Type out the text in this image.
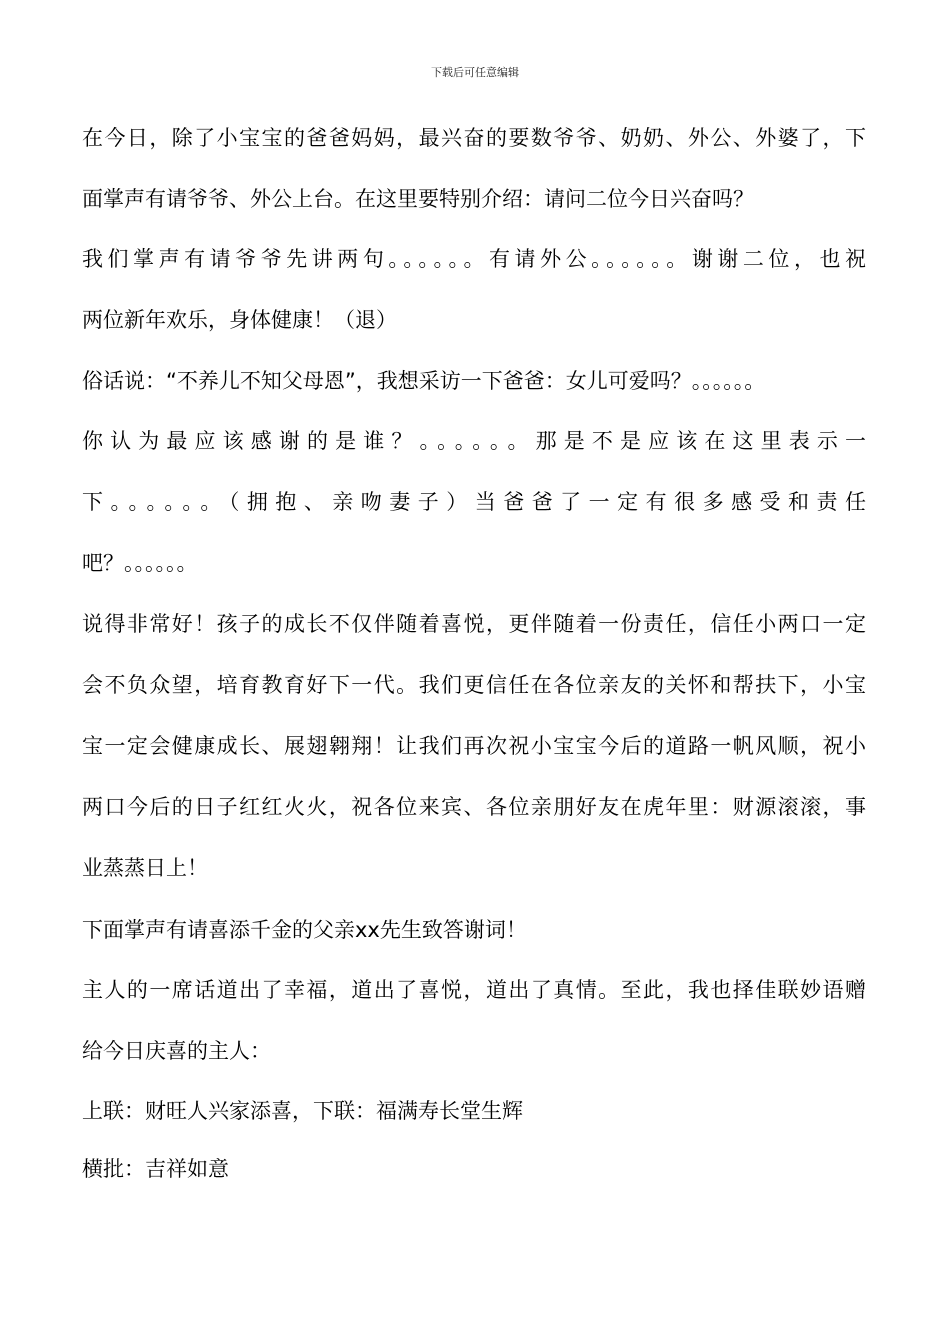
下载后可任意编辑
在今日，除了小宝宝的爸爸妈妈，最兴奋的要数爷爷、奶奶、外公、外婆了，下
面掌声有请爷爷、外公上台。在这里要特别介绍：请问二位今日兴奋吗？
我们掌声有请爷爷先讲两句。。。。。。有请外公。。。。。。谢谢二位，也祝
两位新年欢乐，身体健康！（退）
俗话说：“不养儿不知父母恩”，我想采访一下爸爸：女儿可爱吗？。。。。。。
你认为最应该感谢的是谁？。。。。。。那是不是应该在这里表示一
下。。。。。。（拥抱、亲吻妻子）当爸爸了一定有很多感受和责任
吧？。。。。。。
说得非常好！孩子的成长不仅伴随着喜悦，更伴随着一份责任，信任小两口一定
会不负众望，培育教育好下一代。我们更信任在各位亲友的关怀和帮扶下，小宝
宝一定会健康成长、展翅翱翔！让我们再次祝小宝宝今后的道路一帆风顺，祝小
两口今后的日子红红火火，祝各位来宾、各位亲朋好友在虎年里：财源滚滚，事
业蒸蒸日上！
下面掌声有请喜添千金的父亲xx先生致答谢词！
主人的一席话道出了幸福，道出了喜悦，道出了真情。至此，我也择佳联妙语赠
给今日庆喜的主人：
上联：财旺人兴家添喜，下联：福满寿长堂生辉
横批：吉祥如意
